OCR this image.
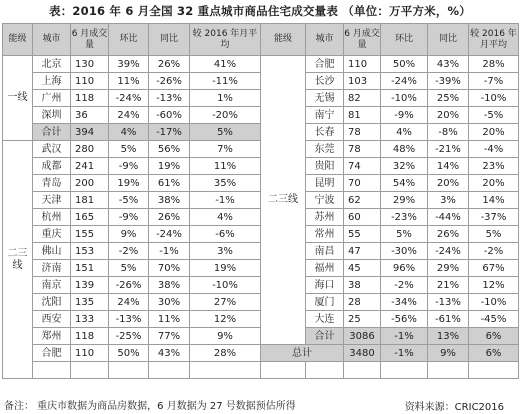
表：2016 年 6 月全国 32 重点城市商品住宅成交量表 （单位：万平方米，%）
能级	城市	6 月成交量	环比	同比	较 2016 年月平均	能级	城市	6 月成交量	环比	同比	较 2016 年月平均
一线	北京	130	39%	26%	41%	二三线	合肥	110	50%	43%	28%
	上海	110	11%	-26%	-11%		长沙	103	-24%	-39%	-7%
	广州	118	-24%	-13%	1%		无锡	82	-10%	25%	-10%
	深圳	36	24%	-60%	-20%		南宁	81	-9%	20%	-5%
	合计	394	4%	-17%	5%		长春	78	4%	-8%	20%
二三线	武汉	280	5%	56%	7%		东莞	78	48%	-21%	-4%
	成都	241	-9%	19%	11%		贵阳	74	32%	14%	23%
	青岛	200	19%	61%	35%		昆明	70	54%	20%	20%
	天津	181	-5%	38%	-1%		宁波	62	29%	3%	14%
	杭州	165	-9%	26%	4%		苏州	60	-23%	-44%	-37%
	重庆	155	9%	-24%	-6%		常州	55	5%	26%	5%
	佛山	153	-2%	-1%	3%		南昌	47	-30%	-24%	-2%
	济南	151	5%	70%	19%		福州	45	96%	29%	67%
	南京	139	-26%	38%	-10%		海口	38	-2%	21%	12%
	沈阳	135	24%	30%	27%		厦门	28	-34%	-13%	-10%
	西安	133	-13%	11%	12%		大连	25	-56%	-61%	-45%
	郑州	118	-25%	77%	9%		合计	3086	-1%	13%	6%
	合肥	110	50%	43%	28%	总计		3480	-1%	9%	6%

备注： 重庆市数据为商品房数据，6 月数据为 27 号数据预估所得	资料来源：CRIC2016
